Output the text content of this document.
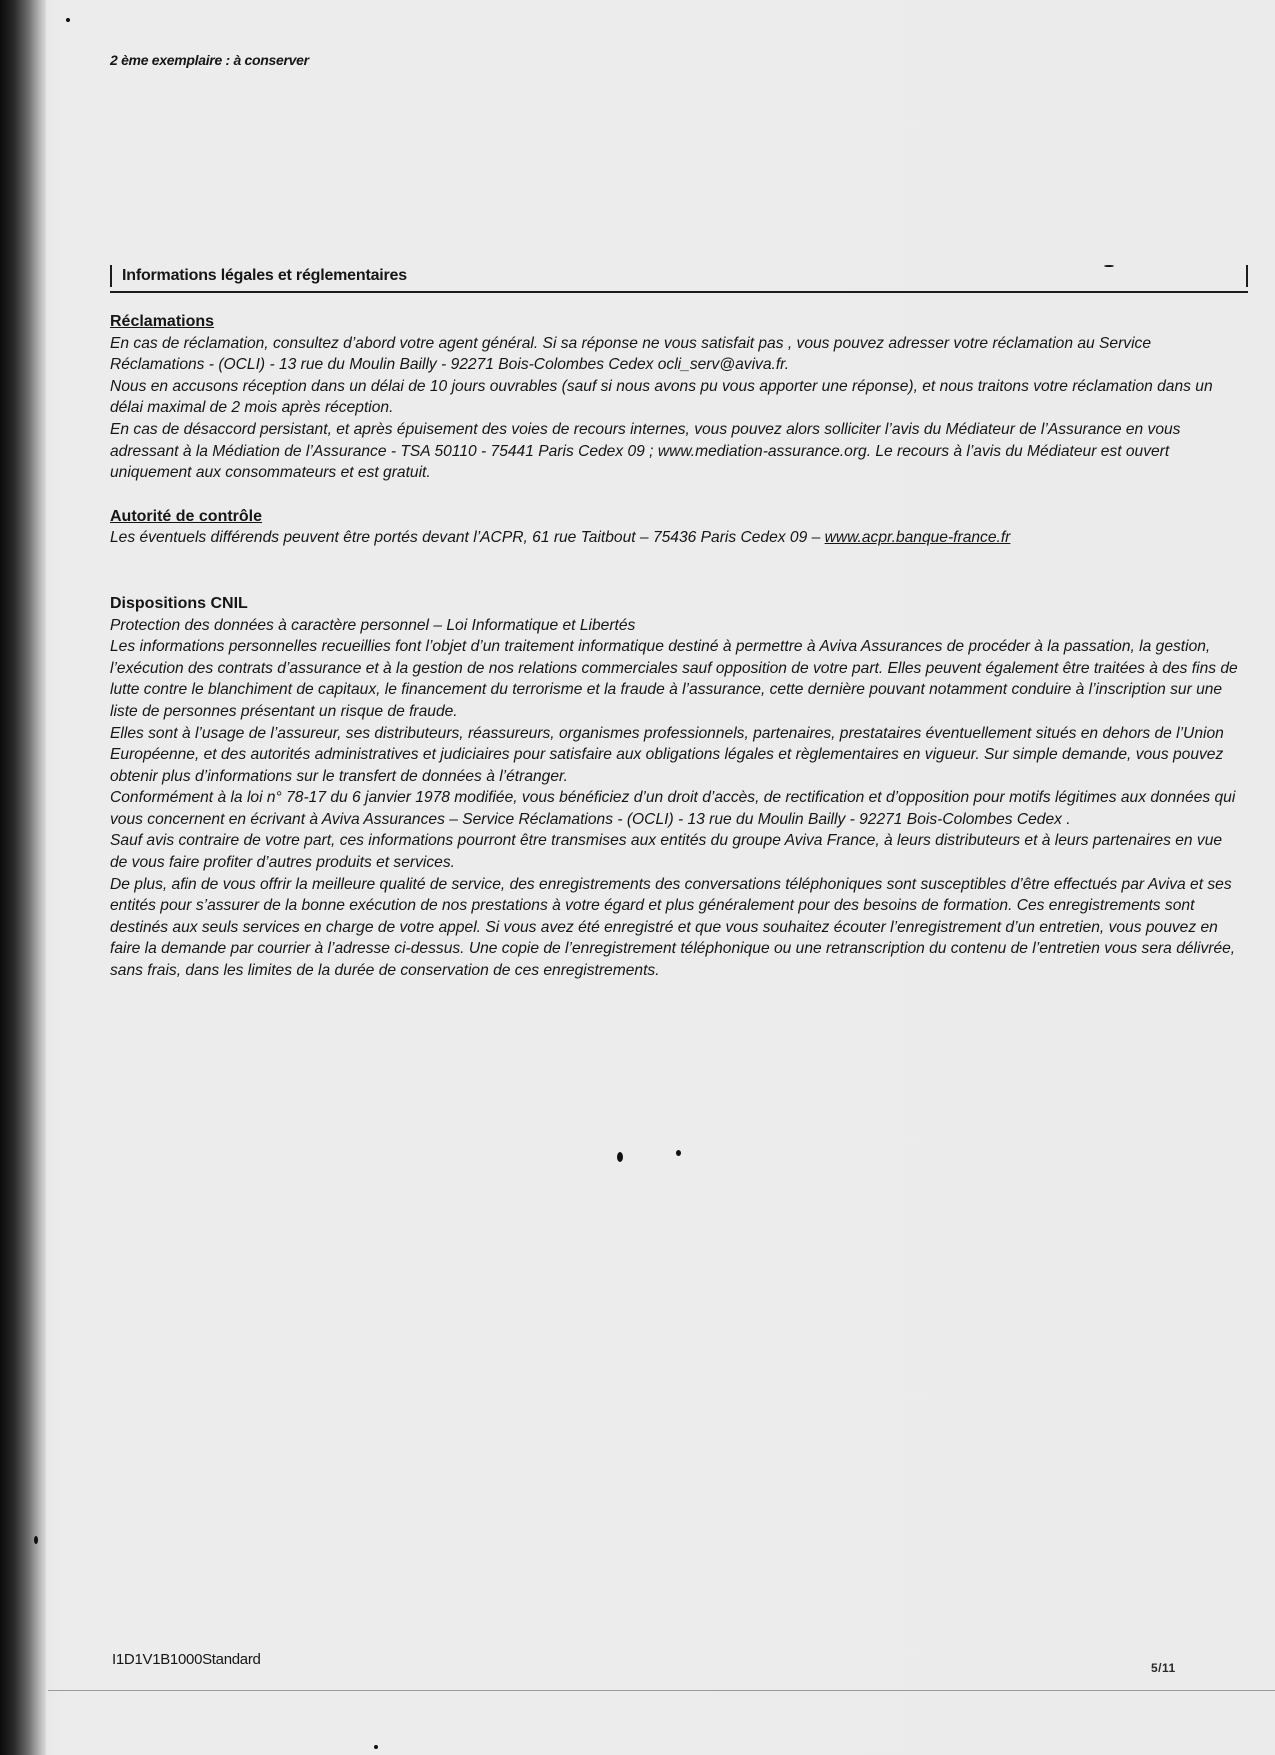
2 ème exemplaire : à conserver
Informations légales et réglementaires
Réclamations

En cas de réclamation, consultez d’abord votre agent général. Si sa réponse ne vous satisfait pas , vous pouvez adresser votre réclamation au Service Réclamations - (OCLI) - 13 rue du Moulin Bailly - 92271 Bois-Colombes Cedex ocli_serv@aviva.fr.

Nous en accusons réception dans un délai de 10 jours ouvrables (sauf si nous avons pu vous apporter une réponse), et nous traitons votre réclamation dans un délai maximal de 2 mois après réception.

En cas de désaccord persistant, et après épuisement des voies de recours internes, vous pouvez alors solliciter l’avis du Médiateur de l’Assurance en vous adressant à la Médiation de l’Assurance - TSA 50110 - 75441 Paris Cedex 09 ; www.mediation-assurance.org. Le recours à l’avis du Médiateur est ouvert uniquement aux consommateurs et est gratuit.

Autorité de contrôle

Les éventuels différends peuvent être portés devant l’ACPR, 61 rue Taitbout – 75436 Paris Cedex 09 – www.acpr.banque-france.fr

Dispositions CNIL
Protection des données à caractère personnel – Loi Informatique et Libertés

Les informations personnelles recueillies font l’objet d’un traitement informatique destiné à permettre à Aviva Assurances de procéder à la passation, la gestion, l’exécution des contrats d’assurance et à la gestion de nos relations commerciales sauf opposition de votre part. Elles peuvent également être traitées à des fins de lutte contre le blanchiment de capitaux, le financement du terrorisme et la fraude à l’assurance, cette dernière pouvant notamment conduire à l’inscription sur une liste de personnes présentant un risque de fraude.

Elles sont à l’usage de l’assureur, ses distributeurs, réassureurs, organismes professionnels, partenaires, prestataires éventuellement situés en dehors de l’Union Européenne, et des autorités administratives et judiciaires pour satisfaire aux obligations légales et règlementaires en vigueur. Sur simple demande, vous pouvez obtenir plus d’informations sur le transfert de données à l’étranger.

Conformément à la loi n° 78-17 du 6 janvier 1978 modifiée, vous bénéficiez d’un droit d’accès, de rectification et d’opposition pour motifs légitimes aux données qui vous concernent en écrivant à Aviva Assurances – Service Réclamations - (OCLI) - 13 rue du Moulin Bailly - 92271 Bois-Colombes Cedex .

Sauf avis contraire de votre part, ces informations pourront être transmises aux entités du groupe Aviva France, à leurs distributeurs et à leurs partenaires en vue de vous faire profiter d’autres produits et services.

De plus, afin de vous offrir la meilleure qualité de service, des enregistrements des conversations téléphoniques sont susceptibles d’être effectués par Aviva et ses entités pour s’assurer de la bonne exécution de nos prestations à votre égard et plus généralement pour des besoins de formation. Ces enregistrements sont destinés aux seuls services en charge de votre appel. Si vous avez été enregistré et que vous souhaitez écouter l’enregistrement d’un entretien, vous pouvez en faire la demande par courrier à l’adresse ci-dessus. Une copie de l’enregistrement téléphonique ou une retranscription du contenu de l’entretien vous sera délivrée, sans frais, dans les limites de la durée de conservation de ces enregistrements.

I1D1V1B1000Standard	5/11
